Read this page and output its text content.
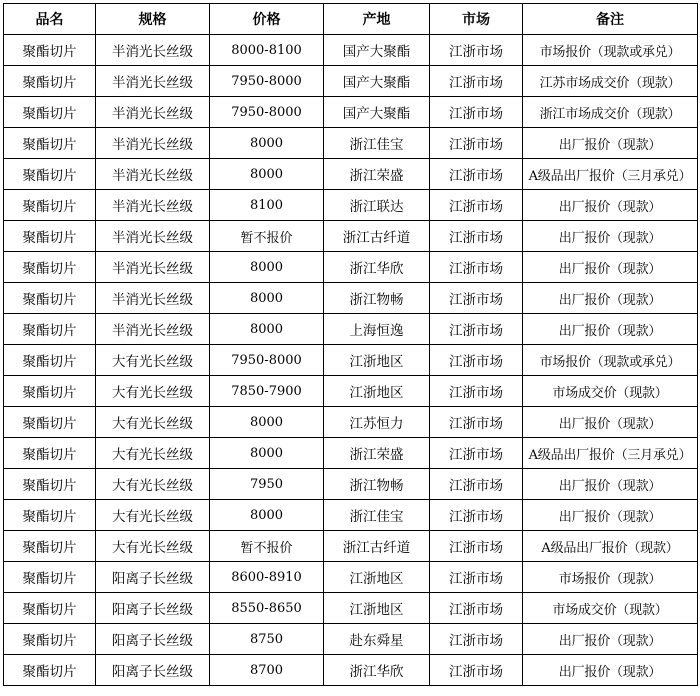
品名	规格	价格	产地	市场	备注
聚酯切片	半消光长丝级	8000-8100	国产大聚酯	江浙市场	市场报价（现款或承兑）
聚酯切片	半消光长丝级	7950-8000	国产大聚酯	江浙市场	江苏市场成交价（现款）
聚酯切片	半消光长丝级	7950-8000	国产大聚酯	江浙市场	浙江市场成交价（现款）
聚酯切片	半消光长丝级	8000	浙江佳宝	江浙市场	出厂报价（现款）
聚酯切片	半消光长丝级	8000	浙江荣盛	江浙市场	A级品出厂报价（三月承兑）
聚酯切片	半消光长丝级	8100	浙江联达	江浙市场	出厂报价（现款）
聚酯切片	半消光长丝级	暂不报价	浙江古纤道	江浙市场	出厂报价（现款）
聚酯切片	半消光长丝级	8000	浙江华欣	江浙市场	出厂报价（现款）
聚酯切片	半消光长丝级	8000	浙江物畅	江浙市场	出厂报价（现款）
聚酯切片	半消光长丝级	8000	上海恒逸	江浙市场	出厂报价（现款）
聚酯切片	大有光长丝级	7950-8000	江浙地区	江浙市场	市场报价（现款或承兑）
聚酯切片	大有光长丝级	7850-7900	江浙地区	江浙市场	市场成交价（现款）
聚酯切片	大有光长丝级	8000	江苏恒力	江浙市场	出厂报价（现款）
聚酯切片	大有光长丝级	8000	浙江荣盛	江浙市场	A级品出厂报价（三月承兑）
聚酯切片	大有光长丝级	7950	浙江物畅	江浙市场	出厂报价（现款）
聚酯切片	大有光长丝级	8000	浙江佳宝	江浙市场	出厂报价（现款）
聚酯切片	大有光长丝级	暂不报价	浙江古纤道	江浙市场	A级品出厂报价（现款）
聚酯切片	阳离子长丝级	8600-8910	江浙地区	江浙市场	市场报价（现款）
聚酯切片	阳离子长丝级	8550-8650	江浙地区	江浙市场	市场成交价（现款）
聚酯切片	阳离子长丝级	8750	赴东舜星	江浙市场	出厂报价（现款）
聚酯切片	阳离子长丝级	8700	浙江华欣	江浙市场	出厂报价（现款）
